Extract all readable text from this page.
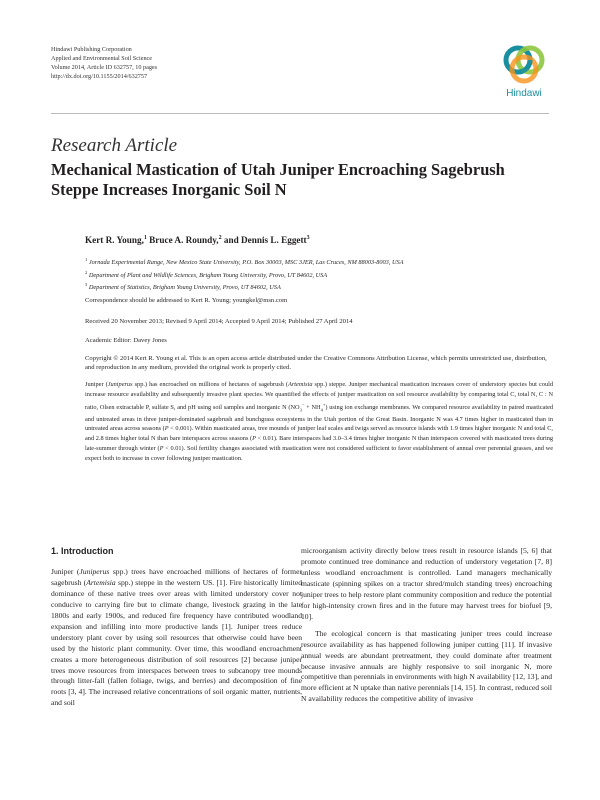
Hindawi Publishing Corporation
Applied and Environmental Soil Science
Volume 2014, Article ID 632757, 10 pages
http://dx.doi.org/10.1155/2014/632757
Hindawi
Research Article
Mechanical Mastication of Utah Juniper Encroaching Sagebrush Steppe Increases Inorganic Soil N
Kert R. Young,$^1$ Bruce A. Roundy,$^2$ and Dennis L. Eggett$^3$
$^1$ Jornada Experimental Range, New Mexico State University, P.O. Box 30003, MSC 3JER, Las Cruces, NM 88003-8003, USA
$^2$ Department of Plant and Wildlife Sciences, Brigham Young University, Provo, UT 84602, USA
$^3$ Department of Statistics, Brigham Young University, Provo, UT 84602, USA
Correspondence should be addressed to Kert R. Young; youngkel@msn.com
Received 20 November 2013; Revised 9 April 2014; Accepted 9 April 2014; Published 27 April 2014
Academic Editor: Davey Jones
Copyright © 2014 Kert R. Young et al. This is an open access article distributed under the Creative Commons Attribution License, which permits unrestricted use, distribution, and reproduction in any medium, provided the original work is properly cited.
Juniper (Juniperus spp.) has encroached on millions of hectares of sagebrush (Artemisia spp.) steppe. Juniper mechanical mastication increases cover of understory species but could increase resource availability and subsequently invasive plant species. We quantified the effects of juniper mastication on soil resource availability by comparing total C, total N, C : N ratio, Olsen extractable P, sulfate S, and pH using soil samples and inorganic N $(NO_3^- + NH_4^+)$ using ion exchange membranes. We compared resource availability in paired masticated and untreated areas in three juniper-dominated sagebrush and bunchgrass ecosystems in the Utah portion of the Great Basin. Inorganic N was 4.7 times higher in masticated than in untreated areas across seasons (P < 0.001). Within masticated areas, tree mounds of juniper leaf scales and twigs served as resource islands with 1.9 times higher inorganic N and total C, and 2.8 times higher total N than bare interspaces across seasons (P < 0.01). Bare interspaces had 3.0–3.4 times higher inorganic N than interspaces covered with masticated trees during late-summer through winter (P < 0.01). Soil fertility changes associated with mastication were not considered sufficient to favor establishment of annual over perennial grasses, and we expect both to increase in cover following juniper mastication.
1. Introduction

Juniper (Juniperus spp.) trees have encroached millions of hectares of former sagebrush (Artemisia spp.) steppe in the western US. [1]. Fire historically limited dominance of these native trees over areas with limited understory cover not conducive to carrying fire but to climate change, livestock grazing in the late 1800s and early 1900s, and reduced fire frequency have contributed woodland expansion and infilling into more productive lands [1]. Juniper trees reduce understory plant cover by using soil resources that otherwise could have been used by the historic plant community. Over time, this woodland encroachment creates a more heterogeneous distribution of soil resources [2] because juniper trees move resources from interspaces between trees to subcanopy tree mounds through litter-fall (fallen foliage, twigs, and berries) and decomposition of fine roots [3, 4]. The increased relative concentrations of soil organic matter, nutrients, and soil

microorganism activity directly below trees result in resource islands [5, 6] that promote continued tree dominance and reduction of understory vegetation [7, 8] unless woodland encroachment is controlled. Land managers mechanically masticate (spinning spikes on a tractor shred/mulch standing trees) encroaching juniper trees to help restore plant community composition and reduce the potential for high-intensity crown fires and in the future may harvest trees for biofuel [9, 10].

The ecological concern is that masticating juniper trees could increase resource availability as has happened following juniper cutting [11]. If invasive annual weeds are abundant pretreatment, they could dominate after treatment because invasive annuals are highly responsive to soil inorganic N, more competitive than perennials in environments with high N availability [12, 13], and more efficient at N uptake than native perennials [14, 15]. In contrast, reduced soil N availability reduces the competitive ability of invasive
